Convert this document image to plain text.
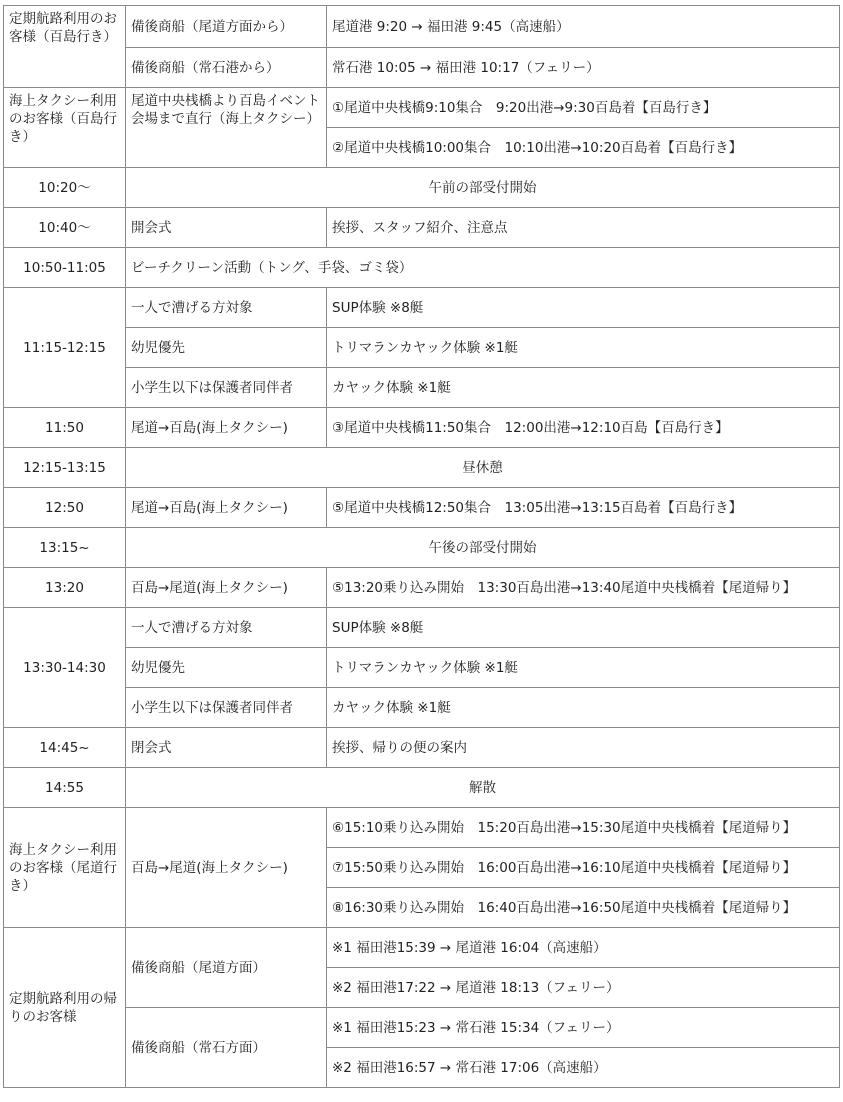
定期航路利用のお客様（百島行き）	備後商船（尾道方面から）	尾道港 9:20 → 福田港 9:45（高速船）
	備後商船（常石港から）	常石港 10:05 → 福田港 10:17（フェリー）
海上タクシー利用のお客様（百島行き）	尾道中央桟橋より百島イベント会場まで直行（海上タクシー）	①尾道中央桟橋9:10集合　9:20出港→9:30百島着【百島行き】
		②尾道中央桟橋10:00集合　10:10出港→10:20百島着【百島行き】
10:20〜	午前の部受付開始	
10:40〜	開会式	挨拶、スタッフ紹介、注意点
10:50-11:05	ビーチクリーン活動（トング、手袋、ゴミ袋）	
11:15-12:15	一人で漕げる方対象	SUP体験 ※8艇
	幼児優先	トリマランカヤック体験 ※1艇
	小学生以下は保護者同伴者	カヤック体験 ※1艇
11:50	尾道→百島(海上タクシー)	③尾道中央桟橋11:50集合　12:00出港→12:10百島【百島行き】
12:15-13:15	昼休憩	
12:50	尾道→百島(海上タクシー)	⑤尾道中央桟橋12:50集合　13:05出港→13:15百島着【百島行き】
13:15~	午後の部受付開始	
13:20	百島→尾道(海上タクシー)	⑤13:20乗り込み開始　13:30百島出港→13:40尾道中央桟橋着【尾道帰り】
13:30-14:30	一人で漕げる方対象	SUP体験 ※8艇
	幼児優先	トリマランカヤック体験 ※1艇
	小学生以下は保護者同伴者	カヤック体験 ※1艇
14:45~	閉会式	挨拶、帰りの便の案内
14:55	解散	
海上タクシー利用のお客様（尾道行き）	百島→尾道(海上タクシー)	⑥15:10乗り込み開始　15:20百島出港→15:30尾道中央桟橋着【尾道帰り】
		⑦15:50乗り込み開始　16:00百島出港→16:10尾道中央桟橋着【尾道帰り】
		⑧16:30乗り込み開始　16:40百島出港→16:50尾道中央桟橋着【尾道帰り】
定期航路利用の帰りのお客様	備後商船（尾道方面）	※1 福田港15:39 → 尾道港 16:04（高速船）
		※2 福田港17:22 → 尾道港 18:13（フェリー）
	備後商船（常石方面）	※1 福田港15:23 → 常石港 15:34（フェリー）
		※2 福田港16:57 → 常石港 17:06（高速船）
